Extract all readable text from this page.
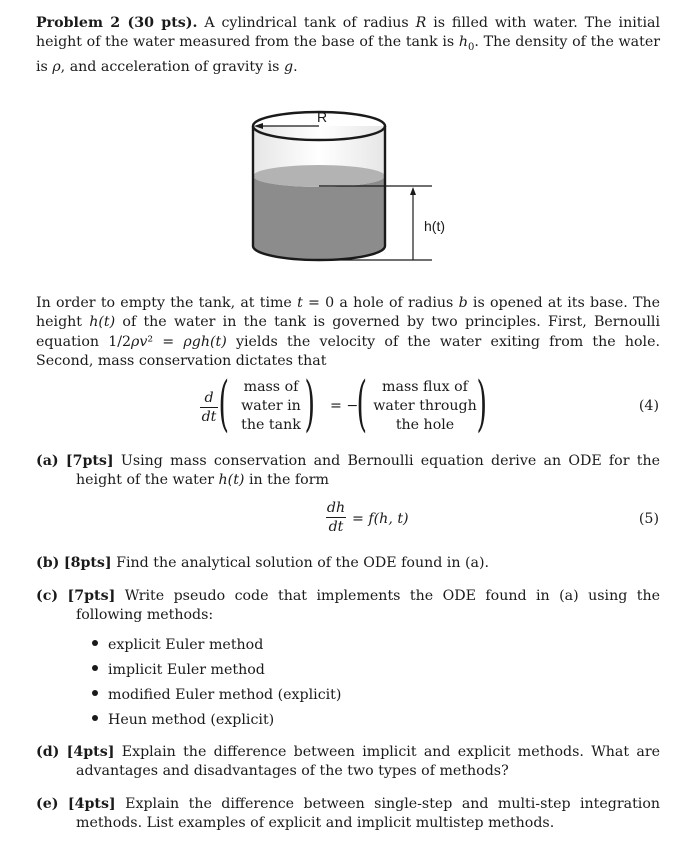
Problem 2 (30 pts). A cylindrical tank of radius R is filled with water. The initial height of the water measured from the base of the tank is $h_0$. The density of the water is ρ, and acceleration of gravity is g.
R
h(t)
In order to empty the tank, at time t = 0 a hole of radius b is opened at its base. The height h(t) of the water in the tank is governed by two principles. First, Bernoulli equation 1/2ρv² = ρgh(t) yields the velocity of the water exiting from the hole. Second, mass conservation dictates that
d
dt (	mass of
water in
the tank ) = −
(	mass flux of
water through
the hole )	(4)
(a) [7pts] Using mass conservation and Bernoulli equation derive an ODE for the height of the water h(t) in the form
dh
dt = f(h, t)	(5)
(b) [8pts] Find the analytical solution of the ODE found in (a).
(c) [7pts] Write pseudo code that implements the ODE found in (a) using the following methods:
explicit Euler method
implicit Euler method
modified Euler method (explicit)
Heun method (explicit)
(d) [4pts] Explain the difference between implicit and explicit methods. What are advantages and disadvantages of the two types of methods?
(e) [4pts] Explain the difference between single-step and multi-step integration methods. List examples of explicit and implicit multistep methods.
